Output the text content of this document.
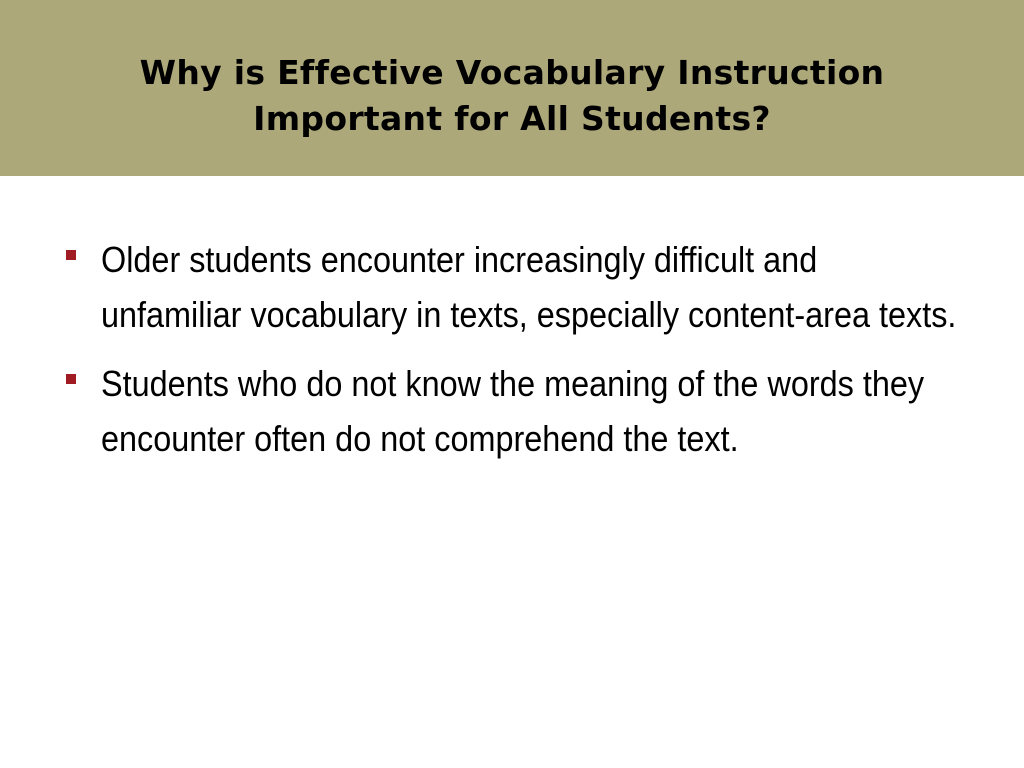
Why is Effective Vocabulary Instruction
Important for All Students?
Older students encounter increasingly difficult and unfamiliar vocabulary in texts, especially content-area texts.
Students who do not know the meaning of the words they encounter often do not comprehend the text.
